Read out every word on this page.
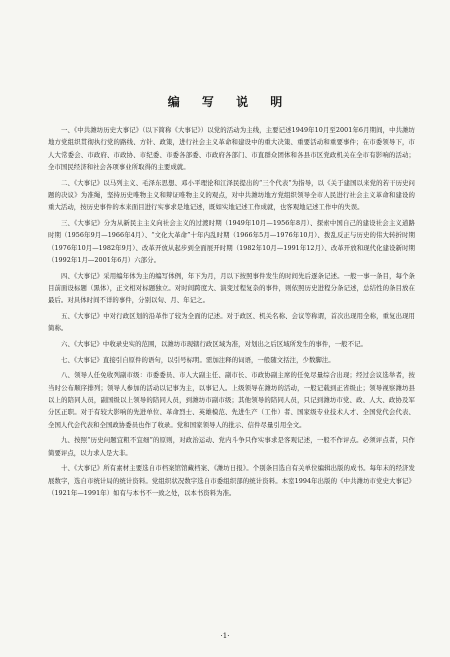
编 写 说 明

一、《中共潍坊历史大事记》（以下简称《大事记》）以党的活动为主线，主要记述1949年10月至2001年6月期间，中共潍坊地方党组织贯彻执行党的路线、方针、政策，进行社会主义革命和建设中的重大决策、重要活动和重要事件；在市委领导下，市人大常委会、市政府、市政协、市纪委、市委各部委、市政府各部门、市直群众团体和各县市区党政机关在全市有影响的活动；全市国民经济和社会各项事业所取得的主要成就。

二、《大事记》以马列主义、毛泽东思想、邓小平理论和江泽民提出的“三个代表”为指导，以《关于建国以来党的若干历史问题的决议》为准绳，坚持历史唯物主义和辩证唯物主义的观点，对中共潍坊地方党组织领导全市人民进行社会主义革命和建设的重大活动，按历史事件的本来面目进行实事求是地记述，既如实地记述工作成就，也客观地记述工作中的失误。

三、《大事记》分为从新民主主义向社会主义的过渡时期（1949年10月—1956年8月）、探索中国自己的建设社会主义道路时期（1956年9月—1966年4月）、“文化大革命”十年内乱时期（1966年5月—1976年10月）、拨乱反正与历史的伟大转折时期（1976年10月—1982年9月）、改革开放从起步到全面展开时期（1982年10月—1991年12月）、改革开放和现代化建设新时期（1992年1月—2001年6月）六部分。

四、《大事记》采用编年体为主的编写体例，年下为月，月以下按照事件发生的时间先后逐条记述。一般一事一条目，每个条目前面设标题（黑体），正文相对标题独立。对时间跨度大、演变过程复杂的事件，则依照历史进程分条记述，总结性的条目放在最后。对具体时间不详的事件，分别以旬、月、年记之。

五、《大事记》中对行政区划的沿革作了较为全面的记述。对于政区、机关名称、会议等称谓，首次出现用全称，重复出现用简称。

六、《大事记》中收录史实的范围，以潍坊市现辖行政区域为准，对划出之后区域所发生的事件，一般不记。

七、《大事记》直接引自原件的语句，以引号标明。需加注释的词语，一般随文括注，少数脚注。

八、领导人任免收列副市级：市委委员、市人大副主任、副市长、市政协副主席的任免尽量综合出现；经过会议选举者，按当时公布顺序排列；领导人参加的活动以记事为主，以事记人。上级领导在潍坊的活动，一般记载到正省级止；领导视察潍坊县以上的陪同人员，副国级以上领导的陪同人员，到潍坊市副市级；其他领导的陪同人员，只记到潍坊市党、政、人大、政协及军分区正职。对于有较大影响的先进单位、革命烈士、英雄模范、先进生产（工作）者、国家级专业技术人才、全国党代会代表、全国人代会代表和全国政协委员也作了收录。党和国家领导人的批示、信件尽量引用全文。

九、按照“历史问题宜粗不宜细”的原则，对政治运动、党内斗争只作实事求是客观记述，一般不作评点。必须评点者，只作简要评点，以力求人是大非。

十、《大事记》所有素材主要选自市档案馆馆藏档案、《潍坊日报》。个别条目选自有关单位编辑出版的成书。每年末的经济发展数字，选自市统计局的统计资料。党组织状况数字选自市委组织部的统计资料。本室1994年出版的《中共潍坊市党史大事记》（1921年—1991年）如有与本书不一致之处，以本书资料为准。

·1·
